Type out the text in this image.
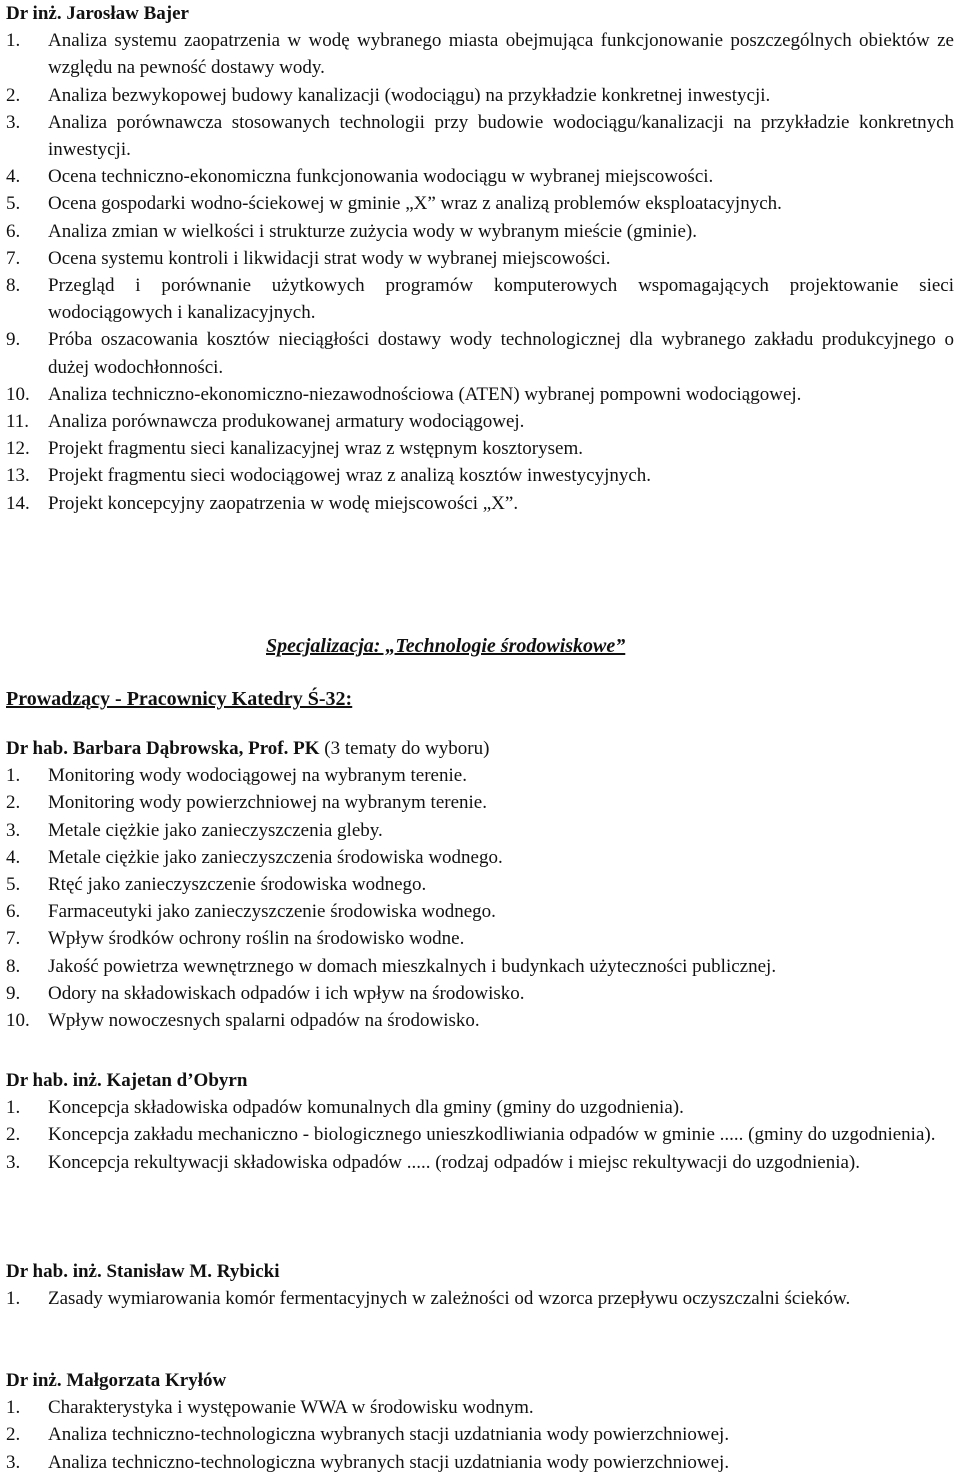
Dr inż. Jarosław Bajer

1.	Analiza systemu zaopatrzenia w wodę wybranego miasta obejmująca funkcjonowanie poszczególnych obiektów ze względu na pewność dostawy wody.
2.	Analiza bezwykopowej budowy kanalizacji (wodociągu) na przykładzie konkretnej inwestycji.
3.	Analiza porównawcza stosowanych technologii przy budowie wodociągu/kanalizacji na przykładzie konkretnych inwestycji.
4.	Ocena techniczno-ekonomiczna funkcjonowania wodociągu w wybranej miejscowości.
5.	Ocena gospodarki wodno-ściekowej w gminie „X” wraz z analizą problemów eksploatacyjnych.
6.	Analiza zmian w wielkości i strukturze zużycia wody w wybranym mieście (gminie).
7.	Ocena systemu kontroli i likwidacji strat wody w wybranej miejscowości.
8.	Przegląd i porównanie użytkowych programów komputerowych wspomagających projektowanie sieci wodociągowych i kanalizacyjnych.
9.	Próba oszacowania kosztów nieciągłości dostawy wody technologicznej dla wybranego zakładu produkcyjnego o dużej wodochłonności.
10. Analiza techniczno-ekonomiczno-niezawodnościowa (ATEN) wybranej pompowni wodociągowej.
11. Analiza porównawcza produkowanej armatury wodociągowej.
12. Projekt fragmentu sieci kanalizacyjnej wraz z wstępnym kosztorysem.
13. Projekt fragmentu sieci wodociągowej wraz z analizą kosztów inwestycyjnych.
14. Projekt koncepcyjny zaopatrzenia w wodę miejscowości „X”.
Specjalizacja: „Technologie środowiskowe”
Prowadzący - Pracownicy Katedry Ś-32:

Dr hab. Barbara Dąbrowska, Prof. PK (3 tematy do wyboru)

1.	Monitoring wody wodociągowej na wybranym terenie.
2.	Monitoring wody powierzchniowej na wybranym terenie.
3.	Metale ciężkie jako zanieczyszczenia gleby.
4.	Metale ciężkie jako zanieczyszczenia środowiska wodnego.
5.	Rtęć jako zanieczyszczenie środowiska wodnego.
6.	Farmaceutyki jako zanieczyszczenie środowiska wodnego.
7.	Wpływ środków ochrony roślin na środowisko wodne.
8.	Jakość powietrza wewnętrznego w domach mieszkalnych i budynkach użyteczności publicznej.
9.	Odory na składowiskach odpadów i ich wpływ na środowisko.
10. Wpływ nowoczesnych spalarni odpadów na środowisko.

Dr hab. inż. Kajetan d’Obyrn

1.	Koncepcja składowiska odpadów komunalnych dla gminy (gminy do uzgodnienia).
2.	Koncepcja zakładu mechaniczno - biologicznego unieszkodliwiania odpadów w gminie ..... (gminy do uzgodnienia).
3.	Koncepcja rekultywacji składowiska odpadów ..... (rodzaj odpadów i miejsc rekultywacji do uzgodnienia).

Dr hab. inż. Stanisław M. Rybicki

1.	Zasady wymiarowania komór fermentacyjnych w zależności od wzorca przepływu oczyszczalni ścieków.

Dr inż. Małgorzata Kryłów

1.	Charakterystyka i występowanie WWA w środowisku wodnym.
2.	Analiza techniczno-technologiczna wybranych stacji uzdatniania wody powierzchniowej.
3.	Analiza techniczno-technologiczna wybranych stacji uzdatniania wody powierzchniowej.
